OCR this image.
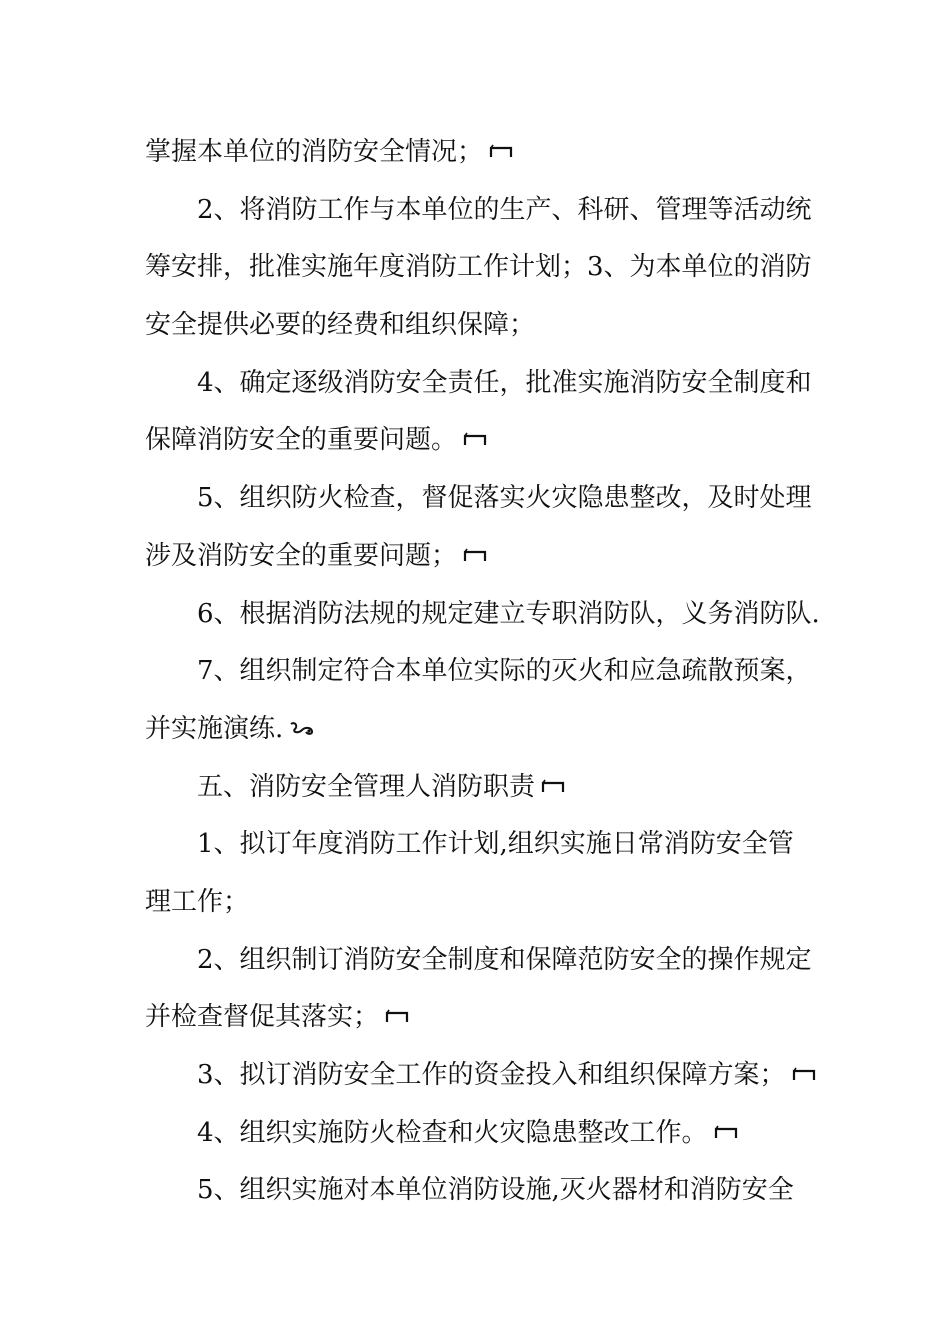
掌握本单位的消防安全情况；
2、将消防工作与本单位的生产、科研、管理等活动统
筹安排，批准实施年度消防工作计划；3、为本单位的消防
安全提供必要的经费和组织保障；
4、确定逐级消防安全责任，批准实施消防安全制度和
保障消防安全的重要问题。
5、组织防火检查，督促落实火灾隐患整改，及时处理
涉及消防安全的重要问题；
6、根据消防法规的规定建立专职消防队，义务消防队.
7、组织制定符合本单位实际的灭火和应急疏散预案，
并实施演练.
五、消防安全管理人消防职责
1、拟订年度消防工作计划,组织实施日常消防安全管
理工作；
2、组织制订消防安全制度和保障范防安全的操作规定
并检查督促其落实；
3、拟订消防安全工作的资金投入和组织保障方案；
4、组织实施防火检查和火灾隐患整改工作。
5、组织实施对本单位消防设施,灭火器材和消防安全
